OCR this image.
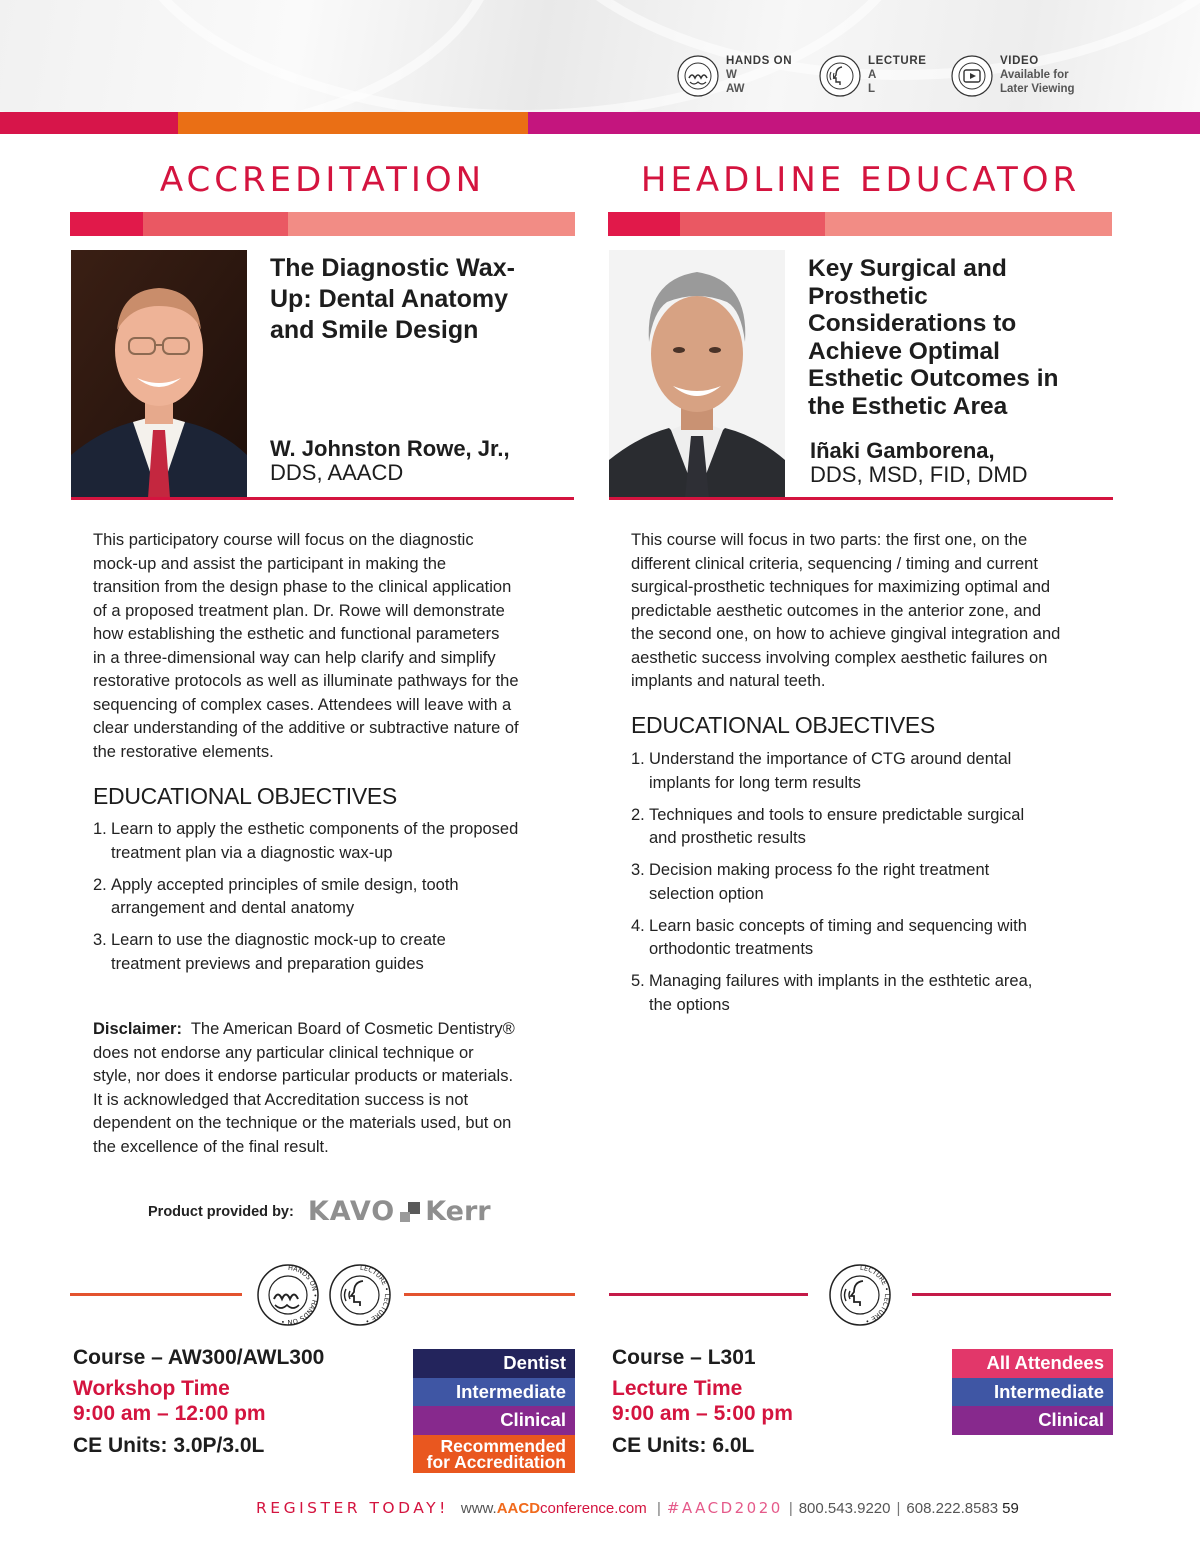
HANDS ON
W
AW
LECTURE
A
L
VIDEO
Available for
Later Viewing
ACCREDITATION
The Diagnostic Wax-
Up: Dental Anatomy
and Smile Design
W. Johnston Rowe, Jr.,
DDS, AAACD
This participatory course will focus on the diagnostic
mock-up and assist the participant in making the
transition from the design phase to the clinical application
of a proposed treatment plan. Dr. Rowe will demonstrate
how establishing the esthetic and functional parameters
in a three-dimensional way can help clarify and simplify
restorative protocols as well as illuminate pathways for the
sequencing of complex cases. Attendees will leave with a
clear understanding of the additive or subtractive nature of
the restorative elements.
EDUCATIONAL OBJECTIVES
1. Learn to apply the esthetic components of the proposed
treatment plan via a diagnostic wax-up
2. Apply accepted principles of smile design, tooth
arrangement and dental anatomy
3. Learn to use the diagnostic mock-up to create
treatment previews and preparation guides
Disclaimer: The American Board of Cosmetic Dentistry®
does not endorse any particular clinical technique or
style, nor does it endorse particular products or materials.
It is acknowledged that Accreditation success is not
dependent on the technique or the materials used, but on
the excellence of the final result.
Product provided by: KAVO Kerr
HEADLINE EDUCATOR
Key Surgical and
Prosthetic
Considerations to
Achieve Optimal
Esthetic Outcomes in
the Esthetic Area
Iñaki Gamborena,
DDS, MSD, FID, DMD
This course will focus in two parts: the first one, on the
different clinical criteria, sequencing / timing and current
surgical-prosthetic techniques for maximizing optimal and
predictable aesthetic outcomes in the anterior zone, and
the second one, on how to achieve gingival integration and
aesthetic success involving complex aesthetic failures on
implants and natural teeth.
EDUCATIONAL OBJECTIVES
1. Understand the importance of CTG around dental
implants for long term results
2. Techniques and tools to ensure predictable surgical
and prosthetic results
3. Decision making process fo the right treatment
selection option
4. Learn basic concepts of timing and sequencing with
orthodontic treatments
5. Managing failures with implants in the esthtetic area,
the options
HANDS ON • HANDS ON •
LECTURE • LECTURE •
Course – AW300/AWL300
Workshop Time
9:00 am – 12:00 pm
CE Units: 3.0P/3.0L
Dentist
Intermediate
Clinical
Recommended
for Accreditation
LECTURE • LECTURE •
Course – L301
Lecture Time
9:00 am – 5:00 pm
CE Units: 6.0L
All Attendees
Intermediate
Clinical
REGISTER TODAY! www.AACDconference.com | #AACD2020 | 800.543.9220 | 608.222.8583 59
